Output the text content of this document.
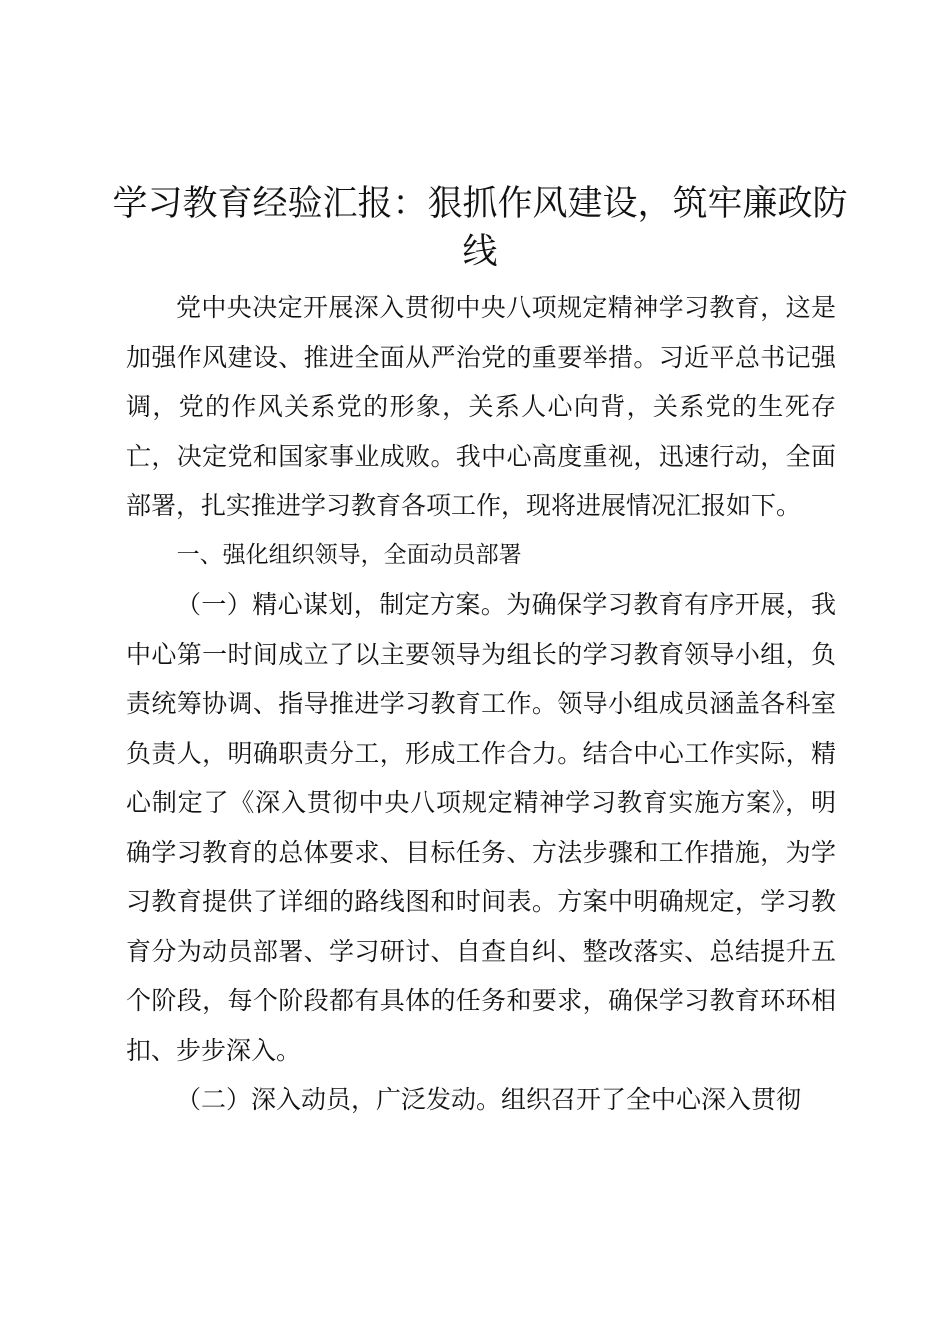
学习教育经验汇报：狠抓作风建设，筑牢廉政防线

党中央决定开展深入贯彻中央八项规定精神学习教育，这是加强作风建设、推进全面从严治党的重要举措。习近平总书记强调，党的作风关系党的形象，关系人心向背，关系党的生死存亡，决定党和国家事业成败。我中心高度重视，迅速行动，全面部署，扎实推进学习教育各项工作，现将进展情况汇报如下。

一、强化组织领导，全面动员部署

（一）精心谋划，制定方案。为确保学习教育有序开展，我中心第一时间成立了以主要领导为组长的学习教育领导小组，负责统筹协调、指导推进学习教育工作。领导小组成员涵盖各科室负责人，明确职责分工，形成工作合力。结合中心工作实际，精心制定了《深入贯彻中央八项规定精神学习教育实施方案》，明确学习教育的总体要求、目标任务、方法步骤和工作措施，为学习教育提供了详细的路线图和时间表。方案中明确规定，学习教育分为动员部署、学习研讨、自查自纠、整改落实、总结提升五个阶段，每个阶段都有具体的任务和要求，确保学习教育环环相扣、步步深入。

（二）深入动员，广泛发动。组织召开了全中心深入贯彻
